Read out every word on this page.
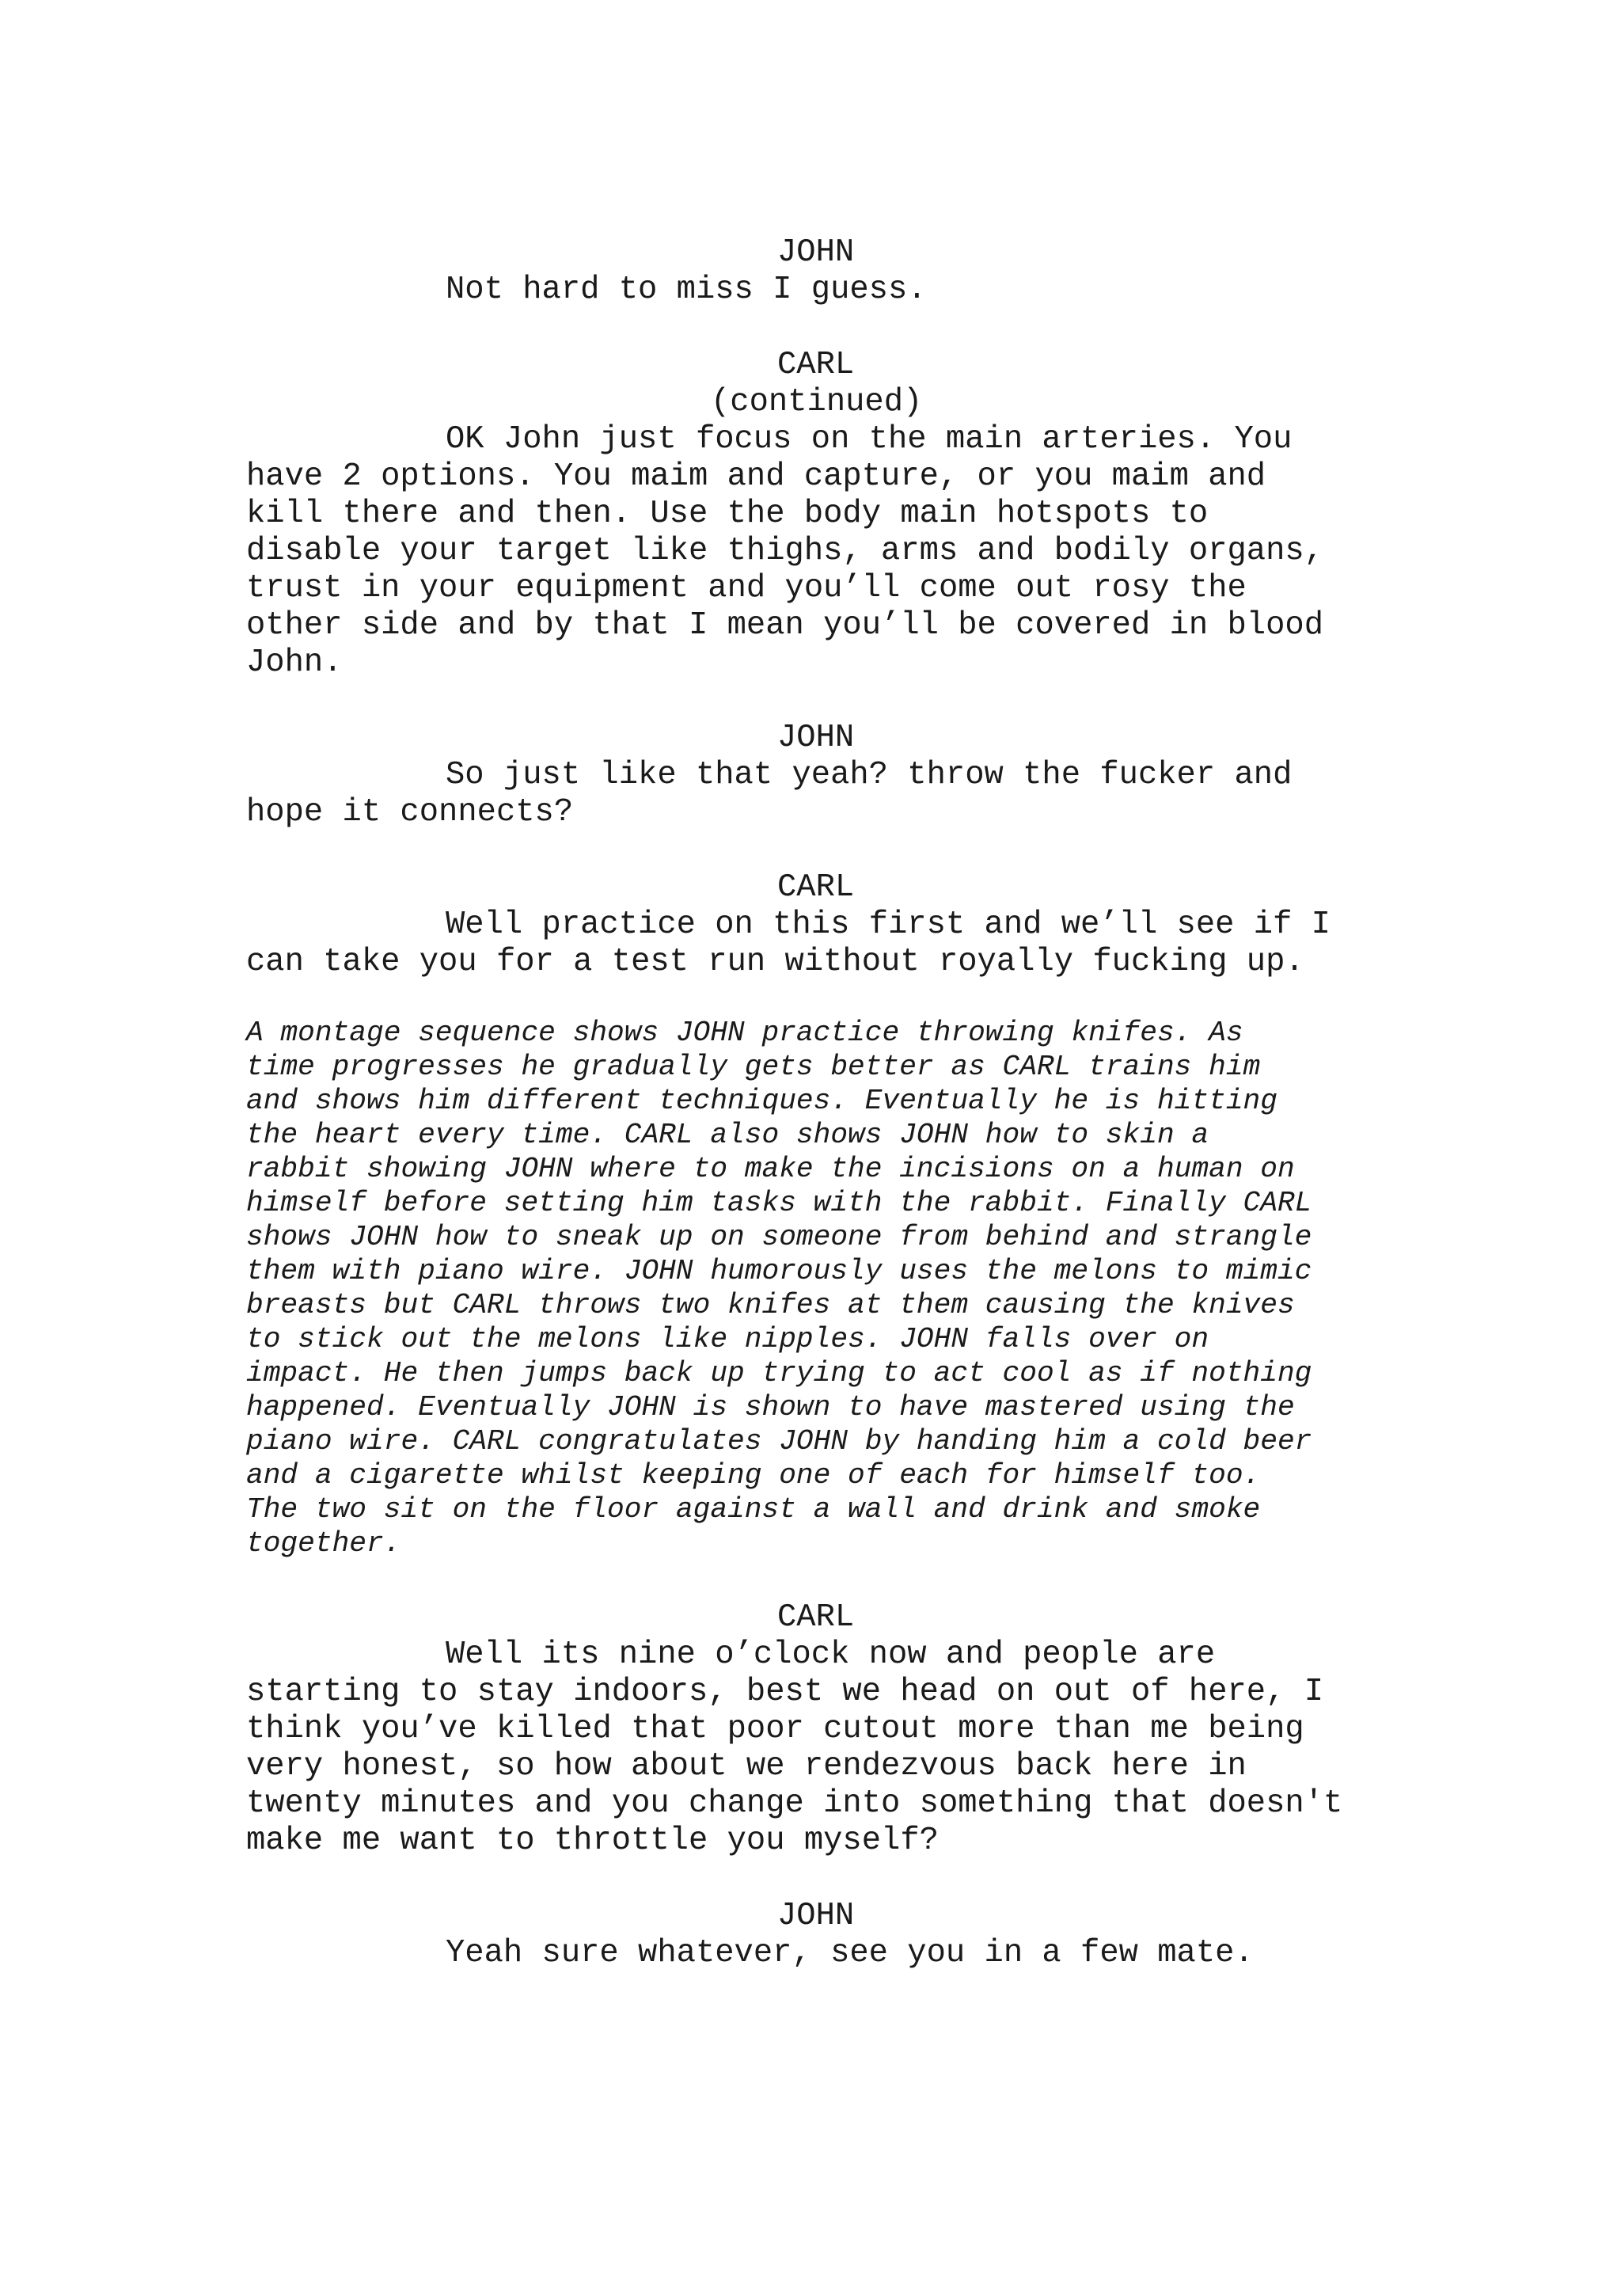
JOHN
Not hard to miss I guess.
CARL
(continued)
OK John just focus on the main arteries. You
have 2 options. You maim and capture, or you maim and
kill there and then. Use the body main hotspots to
disable your target like thighs, arms and bodily organs,
trust in your equipment and you’ll come out rosy the
other side and by that I mean you’ll be covered in blood
John.
JOHN
So just like that yeah? throw the fucker and
hope it connects?
CARL
Well practice on this first and we’ll see if I
can take you for a test run without royally fucking up.
A montage sequence shows JOHN practice throwing knifes. As
time progresses he gradually gets better as CARL trains him
and shows him different techniques. Eventually he is hitting
the heart every time. CARL also shows JOHN how to skin a
rabbit showing JOHN where to make the incisions on a human on
himself before setting him tasks with the rabbit. Finally CARL
shows JOHN how to sneak up on someone from behind and strangle
them with piano wire. JOHN humorously uses the melons to mimic
breasts but CARL throws two knifes at them causing the knives
to stick out the melons like nipples. JOHN falls over on
impact. He then jumps back up trying to act cool as if nothing
happened. Eventually JOHN is shown to have mastered using the
piano wire. CARL congratulates JOHN by handing him a cold beer
and a cigarette whilst keeping one of each for himself too.
The two sit on the floor against a wall and drink and smoke
together.
CARL
Well its nine o’clock now and people are
starting to stay indoors, best we head on out of here, I
think you’ve killed that poor cutout more than me being
very honest, so how about we rendezvous back here in
twenty minutes and you change into something that doesn't
make me want to throttle you myself?
JOHN
Yeah sure whatever, see you in a few mate.
